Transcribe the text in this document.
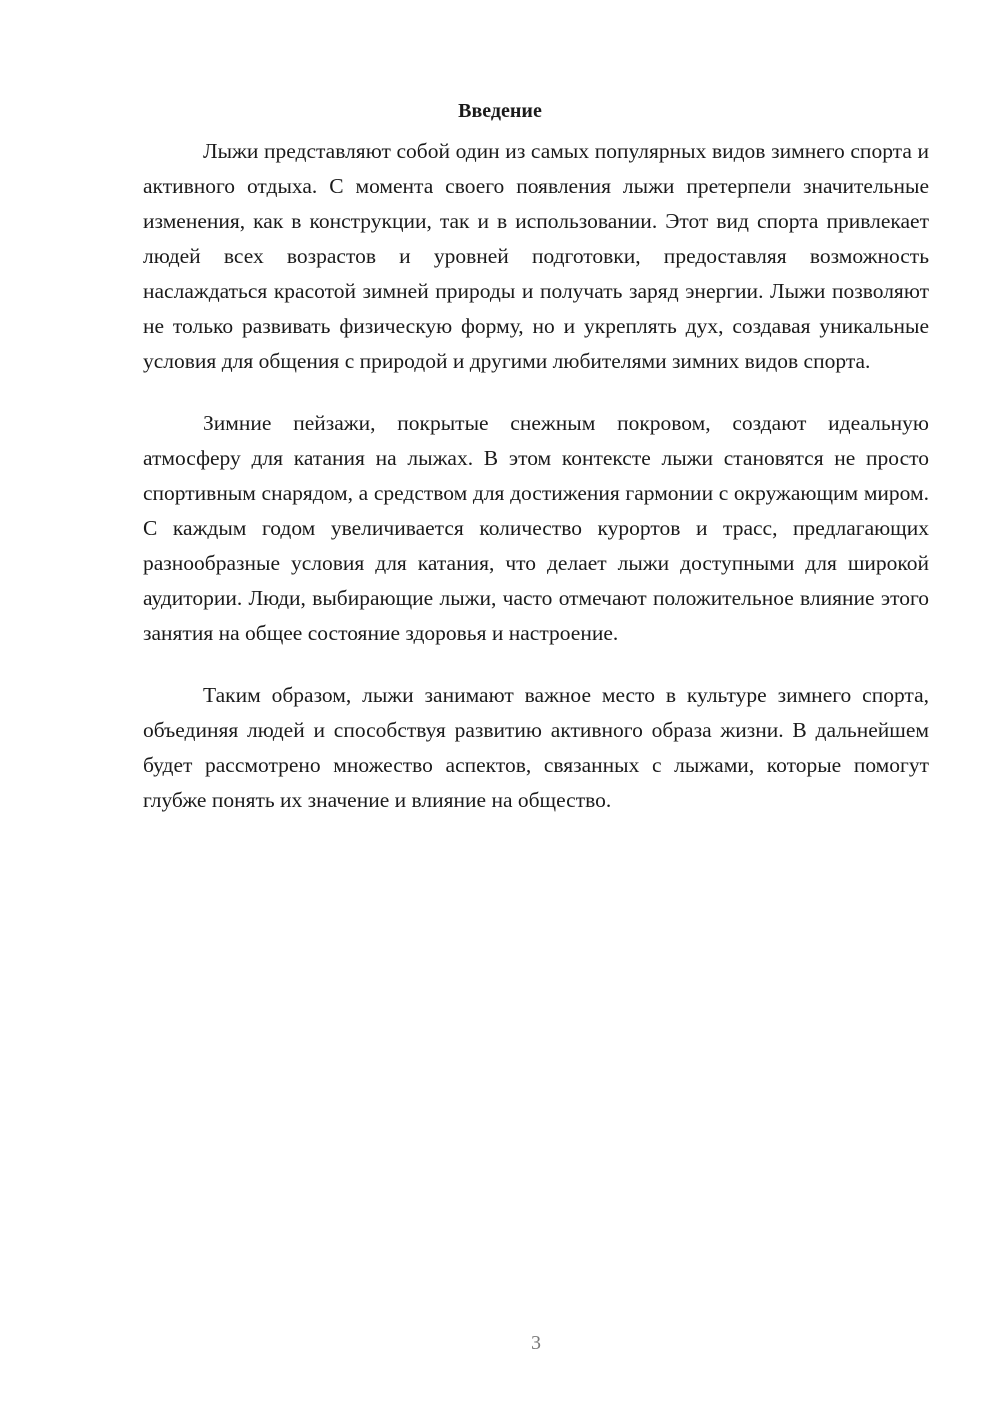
Введение

Лыжи представляют собой один из самых популярных видов зимнего спорта и активного отдыха. С момента своего появления лыжи претерпели значительные изменения, как в конструкции, так и в использовании. Этот вид спорта привлекает людей всех возрастов и уровней подготовки, предоставляя возможность наслаждаться красотой зимней природы и получать заряд энергии. Лыжи позволяют не только развивать физическую форму, но и укреплять дух, создавая уникальные условия для общения с природой и другими любителями зимних видов спорта.

Зимние пейзажи, покрытые снежным покровом, создают идеальную атмосферу для катания на лыжах. В этом контексте лыжи становятся не просто спортивным снарядом, а средством для достижения гармонии с окружающим миром. С каждым годом увеличивается количество курортов и трасс, предлагающих разнообразные условия для катания, что делает лыжи доступными для широкой аудитории. Люди, выбирающие лыжи, часто отмечают положительное влияние этого занятия на общее состояние здоровья и настроение.

Таким образом, лыжи занимают важное место в культуре зимнего спорта, объединяя людей и способствуя развитию активного образа жизни. В дальнейшем будет рассмотрено множество аспектов, связанных с лыжами, которые помогут глубже понять их значение и влияние на общество.

3
